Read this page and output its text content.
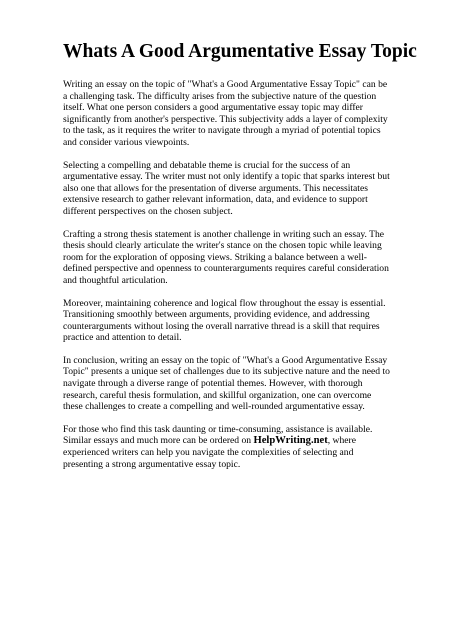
Whats A Good Argumentative Essay Topic

Writing an essay on the topic of "What's a Good Argumentative Essay Topic" can be a challenging task. The difficulty arises from the subjective nature of the question itself. What one person considers a good argumentative essay topic may differ significantly from another's perspective. This subjectivity adds a layer of complexity to the task, as it requires the writer to navigate through a myriad of potential topics and consider various viewpoints.

Selecting a compelling and debatable theme is crucial for the success of an argumentative essay. The writer must not only identify a topic that sparks interest but also one that allows for the presentation of diverse arguments. This necessitates extensive research to gather relevant information, data, and evidence to support different perspectives on the chosen subject.

Crafting a strong thesis statement is another challenge in writing such an essay. The thesis should clearly articulate the writer's stance on the chosen topic while leaving room for the exploration of opposing views. Striking a balance between a well-defined perspective and openness to counterarguments requires careful consideration and thoughtful articulation.

Moreover, maintaining coherence and logical flow throughout the essay is essential. Transitioning smoothly between arguments, providing evidence, and addressing counterarguments without losing the overall narrative thread is a skill that requires practice and attention to detail.

In conclusion, writing an essay on the topic of "What's a Good Argumentative Essay Topic" presents a unique set of challenges due to its subjective nature and the need to navigate through a diverse range of potential themes. However, with thorough research, careful thesis formulation, and skillful organization, one can overcome these challenges to create a compelling and well-rounded argumentative essay.

For those who find this task daunting or time-consuming, assistance is available. Similar essays and much more can be ordered on HelpWriting.net, where experienced writers can help you navigate the complexities of selecting and presenting a strong argumentative essay topic.
